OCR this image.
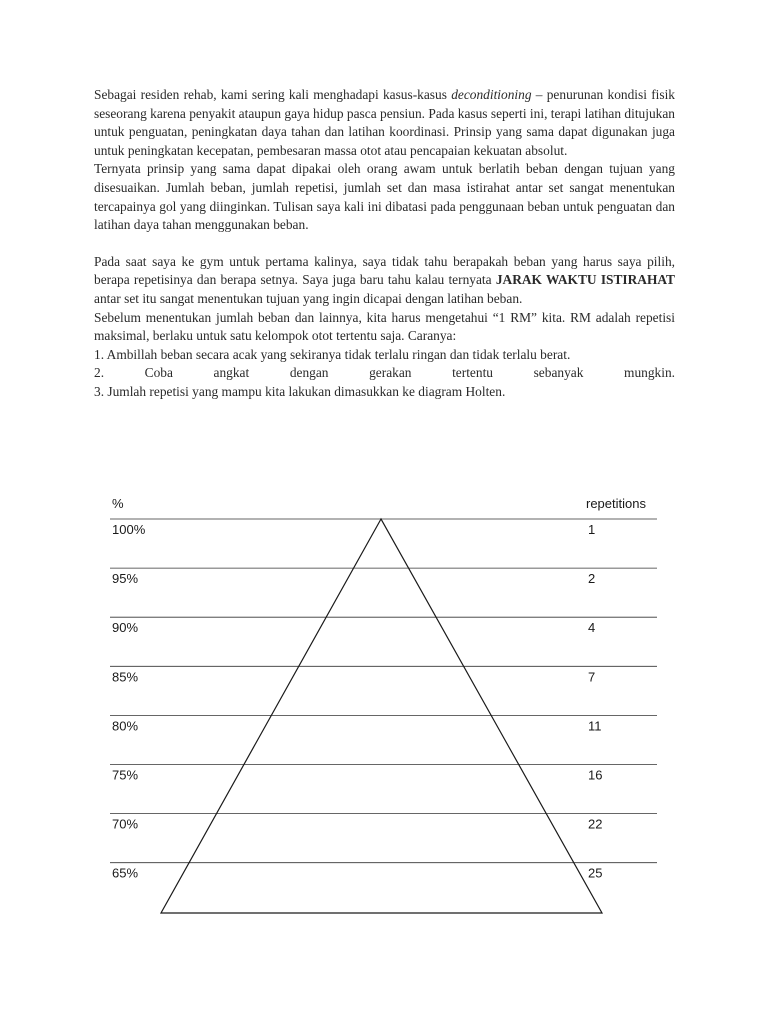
Sebagai residen rehab, kami sering kali menghadapi kasus-kasus deconditioning – penurunan kondisi fisik seseorang karena penyakit ataupun gaya hidup pasca pensiun. Pada kasus seperti ini, terapi latihan ditujukan untuk penguatan, peningkatan daya tahan dan latihan koordinasi. Prinsip yang sama dapat digunakan juga untuk peningkatan kecepatan, pembesaran massa otot atau pencapaian kekuatan absolut.

Ternyata prinsip yang sama dapat dipakai oleh orang awam untuk berlatih beban dengan tujuan yang disesuaikan. Jumlah beban, jumlah repetisi, jumlah set dan masa istirahat antar set sangat menentukan tercapainya gol yang diinginkan. Tulisan saya kali ini dibatasi pada penggunaan beban untuk penguatan dan latihan daya tahan menggunakan beban.

Pada saat saya ke gym untuk pertama kalinya, saya tidak tahu berapakah beban yang harus saya pilih, berapa repetisinya dan berapa setnya. Saya juga baru tahu kalau ternyata JARAK WAKTU ISTIRAHAT antar set itu sangat menentukan tujuan yang ingin dicapai dengan latihan beban.

Sebelum menentukan jumlah beban dan lainnya, kita harus mengetahui “1 RM” kita. RM adalah repetisi maksimal, berlaku untuk satu kelompok otot tertentu saja. Caranya:

1. Ambillah beban secara acak yang sekiranya tidak terlalu ringan dan tidak terlalu berat.

2. Coba angkat dengan gerakan tertentu sebanyak mungkin.

3. Jumlah repetisi yang mampu kita lakukan dimasukkan ke diagram Holten.

%	repetitions
100%	1
95%	2
90%	4
85%	7
80%	11
75%	16
70%	22
65%	25
